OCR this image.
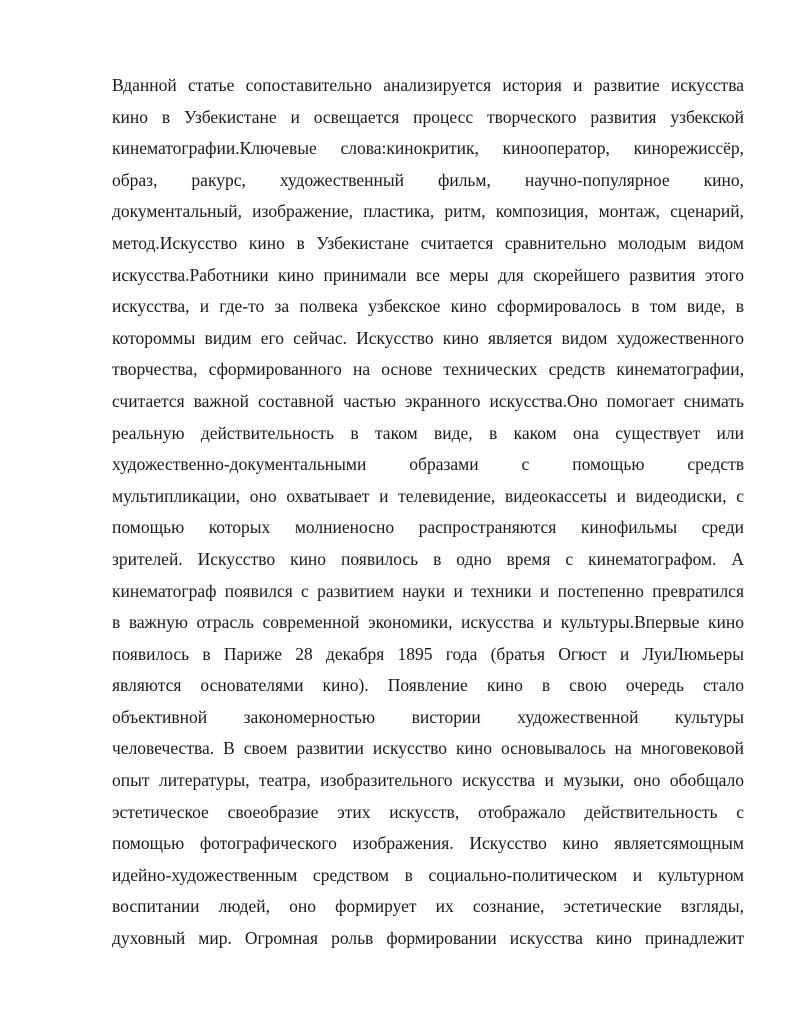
Вданной статье сопоставительно анализируется история и развитие искусства
кино в Узбекистане и освещается процесс творческого развития узбекской
кинематографии.Ключевые слова:кинокритик, кинооператор, кинорежиссёр,
образ, ракурс, художественный фильм, научно-популярное кино,
документальный, изображение, пластика, ритм, композиция, монтаж, сценарий,
метод.Искусство кино в Узбекистане считается сравнительно молодым видом
искусства.Работники кино принимали все меры для скорейшего развития этого
искусства, и где-то за полвека узбекское кино сформировалось в том виде, в
котороммы видим его сейчас. Искусство кино является видом художественного
творчества, сформированного на основе технических средств кинематографии,
считается важной составной частью экранного искусства.Оно помогает снимать
реальную действительность в таком виде, в каком она существует или
художественно-документальными образами с помощью средств
мультипликации, оно охватывает и телевидение, видеокассеты и видеодиски, с
помощью которых молниеносно распространяются кинофильмы среди
зрителей. Искусство кино появилось в одно время с кинематографом. А
кинематограф появился с развитием науки и техники и постепенно превратился
в важную отрасль современной экономики, искусства и культуры.Впервые кино
появилось в Париже 28 декабря 1895 года (братья Огюст и ЛуиЛюмьеры
являются основателями кино). Появление кино в свою очередь стало
объективной закономерностью вистории художественной культуры
человечества. В своем развитии искусство кино основывалось на многовековой
опыт литературы, театра, изобразительного искусства и музыки, оно обобщало
эстетическое своеобразие этих искусств, отображало действительность с
помощью фотографического изображения. Искусство кино являетсямощным
идейно-художественным средством в социально-политическом и культурном
воспитании людей, оно формирует их сознание, эстетические взгляды,
духовный мир. Огромная рольв формировании искусства кино принадлежит
